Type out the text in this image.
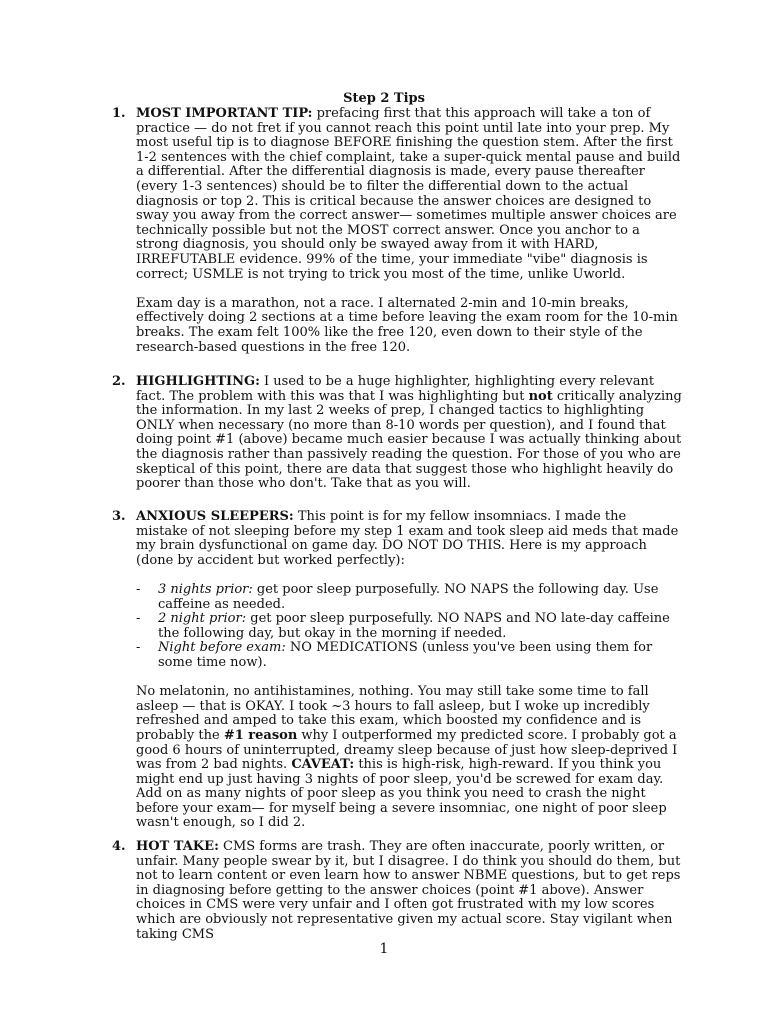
Step 2 Tips
1. MOST IMPORTANT TIP: prefacing first that this approach will take a ton of practice — do not fret if you cannot reach this point until late into your prep. My most useful tip is to diagnose BEFORE finishing the question stem. After the first 1-2 sentences with the chief complaint, take a super-quick mental pause and build a differential. After the differential diagnosis is made, every pause thereafter (every 1-3 sentences) should be to filter the differential down to the actual diagnosis or top 2. This is critical because the answer choices are designed to sway you away from the correct answer— sometimes multiple answer choices are technically possible but not the MOST correct answer. Once you anchor to a strong diagnosis, you should only be swayed away from it with HARD, IRREFUTABLE evidence. 99% of the time, your immediate "vibe" diagnosis is correct; USMLE is not trying to trick you most of the time, unlike Uworld.

Exam day is a marathon, not a race. I alternated 2-min and 10-min breaks, effectively doing 2 sections at a time before leaving the exam room for the 10-min breaks. The exam felt 100% like the free 120, even down to their style of the research-based questions in the free 120.

2. HIGHLIGHTING: I used to be a huge highlighter, highlighting every relevant fact. The problem with this was that I was highlighting but not critically analyzing the information. In my last 2 weeks of prep, I changed tactics to highlighting ONLY when necessary (no more than 8-10 words per question), and I found that doing point #1 (above) became much easier because I was actually thinking about the diagnosis rather than passively reading the question. For those of you who are skeptical of this point, there are data that suggest those who highlight heavily do poorer than those who don't. Take that as you will.

3. ANXIOUS SLEEPERS: This point is for my fellow insomniacs. I made the mistake of not sleeping before my step 1 exam and took sleep aid meds that made my brain dysfunctional on game day. DO NOT DO THIS. Here is my approach (done by accident but worked perfectly):

- 3 nights prior: get poor sleep purposefully. NO NAPS the following day. Use caffeine as needed.
- 2 night prior: get poor sleep purposefully. NO NAPS and NO late-day caffeine the following day, but okay in the morning if needed.
- Night before exam: NO MEDICATIONS (unless you've been using them for some time now).

No melatonin, no antihistamines, nothing. You may still take some time to fall asleep — that is OKAY. I took ~3 hours to fall asleep, but I woke up incredibly refreshed and amped to take this exam, which boosted my confidence and is probably the #1 reason why I outperformed my predicted score. I probably got a good 6 hours of uninterrupted, dreamy sleep because of just how sleep-deprived I was from 2 bad nights. CAVEAT: this is high-risk, high-reward. If you think you might end up just having 3 nights of poor sleep, you'd be screwed for exam day. Add on as many nights of poor sleep as you think you need to crash the night before your exam— for myself being a severe insomniac, one night of poor sleep wasn't enough, so I did 2.

4. HOT TAKE: CMS forms are trash. They are often inaccurate, poorly written, or unfair. Many people swear by it, but I disagree. I do think you should do them, but not to learn content or even learn how to answer NBME questions, but to get reps in diagnosing before getting to the answer choices (point #1 above). Answer choices in CMS were very unfair and I often got frustrated with my low scores which are obviously not representative given my actual score. Stay vigilant when taking CMS

1
